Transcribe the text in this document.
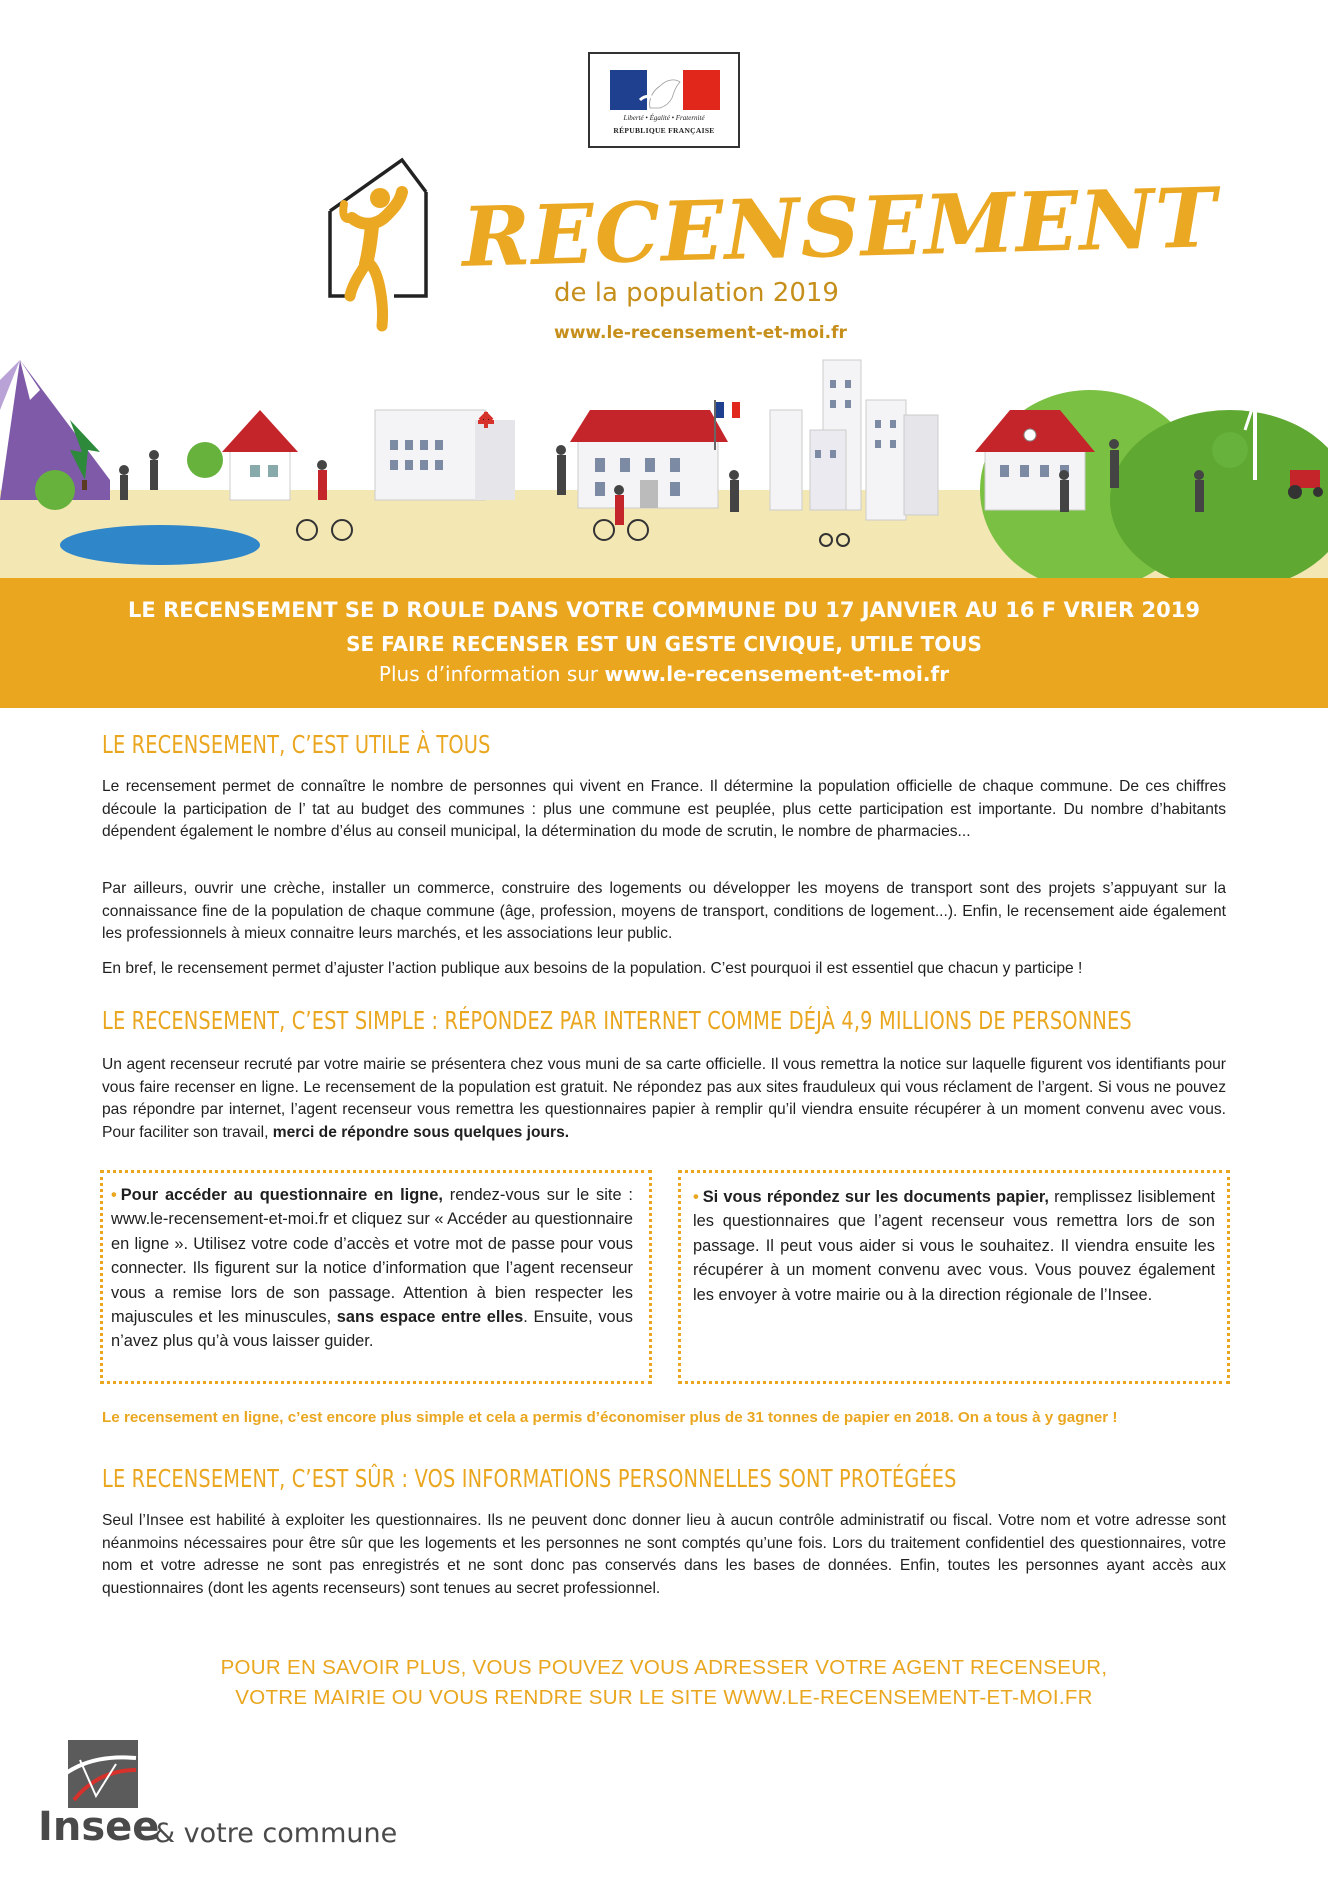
Liberté • Égalité • Fraternité
RÉPUBLIQUE FRANÇAISE
RECENSEMENT
de la population 2019
www.le-recensement-et-moi.fr
LE RECENSEMENT SE D ROULE DANS VOTRE COMMUNE DU 17 JANVIER AU 16 F VRIER 2019
SE FAIRE RECENSER EST UN GESTE CIVIQUE, UTILE TOUS
Plus d’information sur www.le-recensement-et-moi.fr
LE RECENSEMENT, C’EST UTILE À TOUS
Le recensement permet de connaître le nombre de personnes qui vivent en France. Il détermine la population officielle de chaque commune. De ces chiffres découle la participation de l’ tat au budget des communes : plus une commune est peuplée, plus cette participation est importante. Du nombre d’habitants dépendent également le nombre d’élus au conseil municipal, la détermination du mode de scrutin, le nombre de pharmacies...
Par ailleurs, ouvrir une crèche, installer un commerce, construire des logements ou développer les moyens de transport sont des projets s’appuyant sur la connaissance fine de la population de chaque commune (âge, profession, moyens de transport, conditions de logement...). Enfin, le recensement aide également les professionnels à mieux connaitre leurs marchés, et les associations leur public.
En bref, le recensement permet d’ajuster l’action publique aux besoins de la population. C’est pourquoi il est essentiel que chacun y participe !
LE RECENSEMENT, C’EST SIMPLE : RÉPONDEZ PAR INTERNET COMME DÉJÀ 4,9 MILLIONS DE PERSONNES
Un agent recenseur recruté par votre mairie se présentera chez vous muni de sa carte officielle. Il vous remettra la notice sur laquelle figurent vos identifiants pour vous faire recenser en ligne. Le recensement de la population est gratuit. Ne répondez pas aux sites frauduleux qui vous réclament de l’argent. Si vous ne pouvez pas répondre par internet, l’agent recenseur vous remettra les questionnaires papier à remplir qu’il viendra ensuite récupérer à un moment convenu avec vous. Pour faciliter son travail, merci de répondre sous quelques jours.
• Pour accéder au questionnaire en ligne, rendez-vous sur le site : www.le-recensement-et-moi.fr et cliquez sur « Accéder au questionnaire en ligne ». Utilisez votre code d’accès et votre mot de passe pour vous connecter. Ils figurent sur la notice d’information que l’agent recenseur vous a remise lors de son passage. Attention à bien respecter les majuscules et les minuscules, sans espace entre elles. Ensuite, vous n’avez plus qu’à vous laisser guider.
• Si vous répondez sur les documents papier, remplissez lisiblement les questionnaires que l’agent recenseur vous remettra lors de son passage. Il peut vous aider si vous le souhaitez. Il viendra ensuite les récupérer à un moment convenu avec vous. Vous pouvez également les envoyer à votre mairie ou à la direction régionale de l’Insee.
Le recensement en ligne, c’est encore plus simple et cela a permis d’économiser plus de 31 tonnes de papier en 2018. On a tous à y gagner !
LE RECENSEMENT, C’EST SÛR : VOS INFORMATIONS PERSONNELLES SONT PROTÉGÉES
Seul l’Insee est habilité à exploiter les questionnaires. Ils ne peuvent donc donner lieu à aucun contrôle administratif ou fiscal. Votre nom et votre adresse sont néanmoins nécessaires pour être sûr que les logements et les personnes ne sont comptés qu’une fois. Lors du traitement confidentiel des questionnaires, votre nom et votre adresse ne sont pas enregistrés et ne sont donc pas conservés dans les bases de données. Enfin, toutes les personnes ayant accès aux questionnaires (dont les agents recenseurs) sont tenues au secret professionnel.
POUR EN SAVOIR PLUS, VOUS POUVEZ VOUS ADRESSER VOTRE AGENT RECENSEUR,
VOTRE MAIRIE OU VOUS RENDRE SUR LE SITE WWW.LE-RECENSEMENT-ET-MOI.FR
Insee
& votre commune
